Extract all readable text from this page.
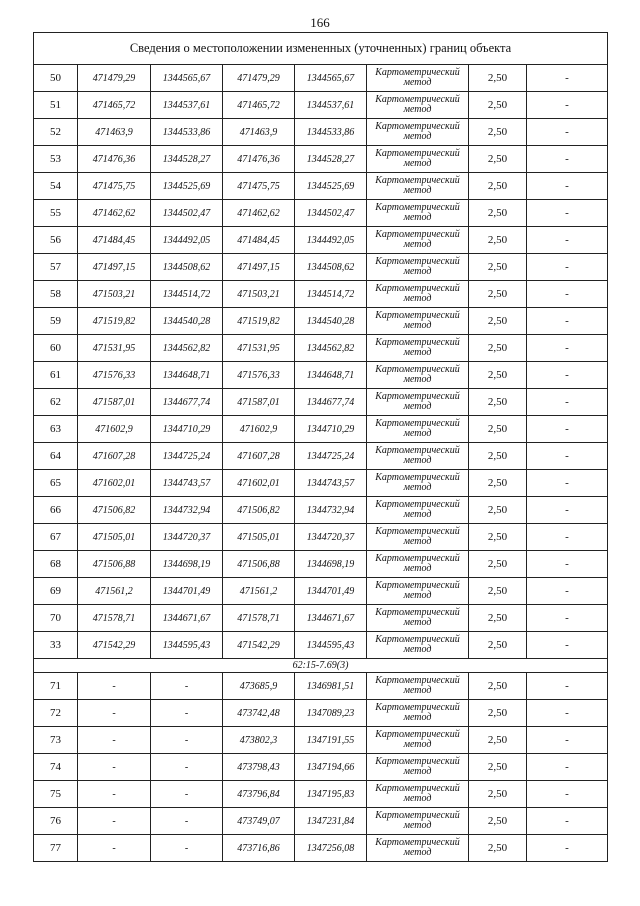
166
Сведения о местоположении измененных (уточненных) границ объекта							
50	471479,29	1344565,67	471479,29	1344565,67	Картометрический метод	2,50	-
51	471465,72	1344537,61	471465,72	1344537,61	Картометрический метод	2,50	-
52	471463,9	1344533,86	471463,9	1344533,86	Картометрический метод	2,50	-
53	471476,36	1344528,27	471476,36	1344528,27	Картометрический метод	2,50	-
54	471475,75	1344525,69	471475,75	1344525,69	Картометрический метод	2,50	-
55	471462,62	1344502,47	471462,62	1344502,47	Картометрический метод	2,50	-
56	471484,45	1344492,05	471484,45	1344492,05	Картометрический метод	2,50	-
57	471497,15	1344508,62	471497,15	1344508,62	Картометрический метод	2,50	-
58	471503,21	1344514,72	471503,21	1344514,72	Картометрический метод	2,50	-
59	471519,82	1344540,28	471519,82	1344540,28	Картометрический метод	2,50	-
60	471531,95	1344562,82	471531,95	1344562,82	Картометрический метод	2,50	-
61	471576,33	1344648,71	471576,33	1344648,71	Картометрический метод	2,50	-
62	471587,01	1344677,74	471587,01	1344677,74	Картометрический метод	2,50	-
63	471602,9	1344710,29	471602,9	1344710,29	Картометрический метод	2,50	-
64	471607,28	1344725,24	471607,28	1344725,24	Картометрический метод	2,50	-
65	471602,01	1344743,57	471602,01	1344743,57	Картометрический метод	2,50	-
66	471506,82	1344732,94	471506,82	1344732,94	Картометрический метод	2,50	-
67	471505,01	1344720,37	471505,01	1344720,37	Картометрический метод	2,50	-
68	471506,88	1344698,19	471506,88	1344698,19	Картометрический метод	2,50	-
69	471561,2	1344701,49	471561,2	1344701,49	Картометрический метод	2,50	-
70	471578,71	1344671,67	471578,71	1344671,67	Картометрический метод	2,50	-
33	471542,29	1344595,43	471542,29	1344595,43	Картометрический метод	2,50	-
62:15-7.69(3)							
71	-	-	473685,9	1346981,51	Картометрический метод	2,50	-
72	-	-	473742,48	1347089,23	Картометрический метод	2,50	-
73	-	-	473802,3	1347191,55	Картометрический метод	2,50	-
74	-	-	473798,43	1347194,66	Картометрический метод	2,50	-
75	-	-	473796,84	1347195,83	Картометрический метод	2,50	-
76	-	-	473749,07	1347231,84	Картометрический метод	2,50	-
77	-	-	473716,86	1347256,08	Картометрический метод	2,50	-
